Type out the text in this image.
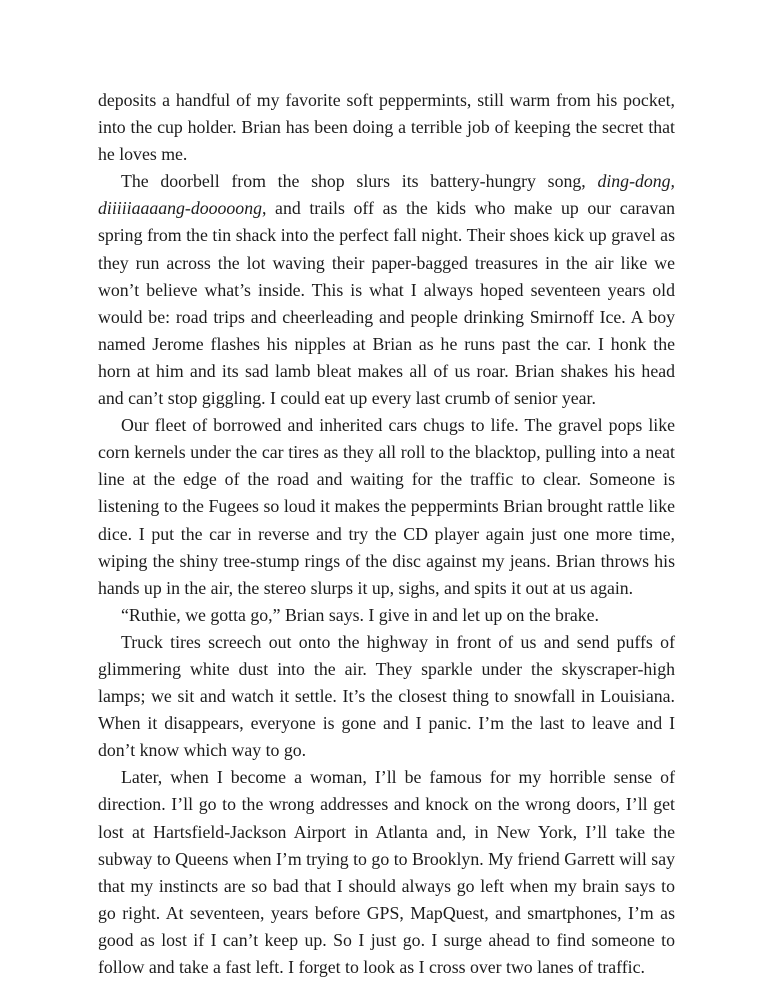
deposits a handful of my favorite soft peppermints, still warm from his pocket, into the cup holder. Brian has been doing a terrible job of keeping the secret that he loves me.

The doorbell from the shop slurs its battery-hungry song, ding-dong, diiiiiaaaang-dooooong, and trails off as the kids who make up our caravan spring from the tin shack into the perfect fall night. Their shoes kick up gravel as they run across the lot waving their paper-bagged treasures in the air like we won’t believe what’s inside. This is what I always hoped seventeen years old would be: road trips and cheerleading and people drinking Smirnoff Ice. A boy named Jerome flashes his nipples at Brian as he runs past the car. I honk the horn at him and its sad lamb bleat makes all of us roar. Brian shakes his head and can’t stop giggling. I could eat up every last crumb of senior year.

Our fleet of borrowed and inherited cars chugs to life. The gravel pops like corn kernels under the car tires as they all roll to the blacktop, pulling into a neat line at the edge of the road and waiting for the traffic to clear. Someone is listening to the Fugees so loud it makes the peppermints Brian brought rattle like dice. I put the car in reverse and try the CD player again just one more time, wiping the shiny tree-stump rings of the disc against my jeans. Brian throws his hands up in the air, the stereo slurps it up, sighs, and spits it out at us again.

“Ruthie, we gotta go,” Brian says. I give in and let up on the brake.

Truck tires screech out onto the highway in front of us and send puffs of glimmering white dust into the air. They sparkle under the skyscraper-high lamps; we sit and watch it settle. It’s the closest thing to snowfall in Louisiana. When it disappears, everyone is gone and I panic. I’m the last to leave and I don’t know which way to go.

Later, when I become a woman, I’ll be famous for my horrible sense of direction. I’ll go to the wrong addresses and knock on the wrong doors, I’ll get lost at Hartsfield-Jackson Airport in Atlanta and, in New York, I’ll take the subway to Queens when I’m trying to go to Brooklyn. My friend Garrett will say that my instincts are so bad that I should always go left when my brain says to go right. At seventeen, years before GPS, MapQuest, and smartphones, I’m as good as lost if I can’t keep up. So I just go. I surge ahead to find someone to follow and take a fast left. I forget to look as I cross over two lanes of traffic.
